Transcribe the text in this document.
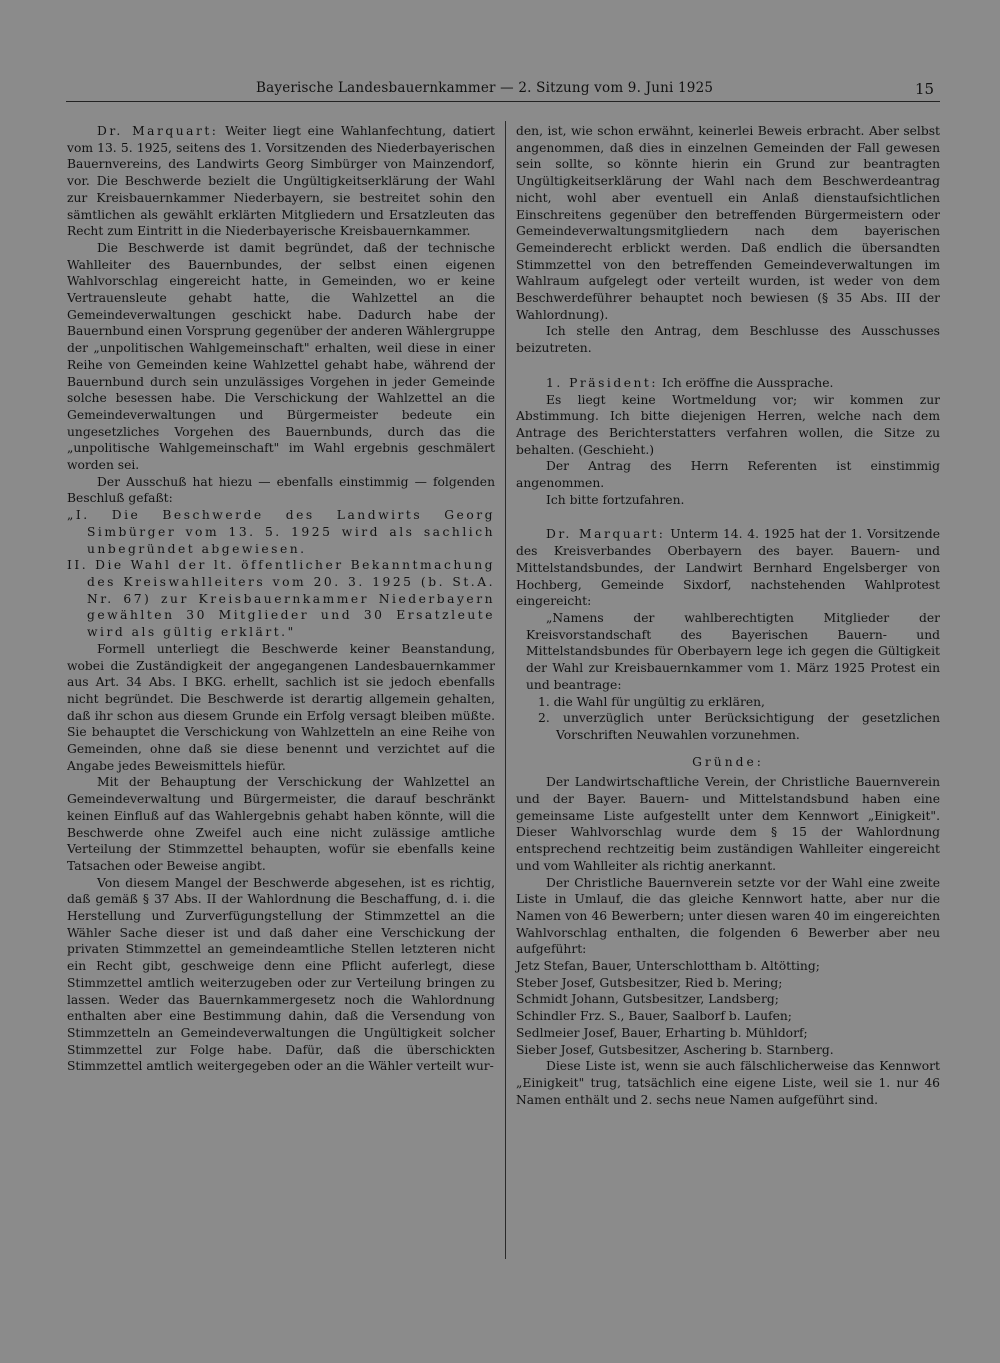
Bayerische Landesbauernkammer — 2. Sitzung vom 9. Juni 1925	15

Dr. Marquart: Weiter liegt eine Wahlanfechtung, datiert vom 13. 5. 1925, seitens des 1. Vorsitzenden des Niederbayerischen Bauernvereins, des Landwirts Georg Simbürger von Mainzendorf, vor. Die Beschwerde bezielt die Ungültigkeitserklärung der Wahl zur Kreisbauernkammer Niederbayern, sie bestreitet sohin den sämtlichen als gewählt erklärten Mitgliedern und Ersatzleuten das Recht zum Eintritt in die Niederbayerische Kreisbauernkammer.

Die Beschwerde ist damit begründet, daß der technische Wahlleiter des Bauernbundes, der selbst einen eigenen Wahlvorschlag eingereicht hatte, in Gemeinden, wo er keine Vertrauensleute gehabt hatte, die Wahlzettel an die Gemeindeverwaltungen geschickt habe. Dadurch habe der Bauernbund einen Vorsprung gegenüber der anderen Wählergruppe der „unpolitischen Wahlgemeinschaft" erhalten, weil diese in einer Reihe von Gemeinden keine Wahlzettel gehabt habe, während der Bauernbund durch sein unzulässiges Vorgehen in jeder Gemeinde solche besessen habe. Die Verschickung der Wahlzettel an die Gemeindeverwaltungen und Bürgermeister bedeute ein ungesetzliches Vorgehen des Bauernbunds, durch das die „unpolitische Wahlgemeinschaft" im Wahl ergebnis geschmälert worden sei.

Der Ausschuß hat hiezu — ebenfalls einstimmig — folgenden Beschluß gefaßt:

„I. Die Beschwerde des Landwirts Georg Simbürger vom 13. 5. 1925 wird als sachlich unbegründet abgewiesen.

II. Die Wahl der lt. öffentlicher Bekanntmachung des Kreiswahlleiters vom 20. 3. 1925 (b. St.A. Nr. 67) zur Kreisbauernkammer Niederbayern gewählten 30 Mitglieder und 30 Ersatzleute wird als gültig erklärt."

Formell unterliegt die Beschwerde keiner Beanstandung, wobei die Zuständigkeit der angegangenen Landesbauernkammer aus Art. 34 Abs. I BKG. erhellt, sachlich ist sie jedoch ebenfalls nicht begründet. Die Beschwerde ist derartig allgemein gehalten, daß ihr schon aus diesem Grunde ein Erfolg versagt bleiben müßte. Sie behauptet die Verschickung von Wahlzetteln an eine Reihe von Gemeinden, ohne daß sie diese benennt und verzichtet auf die Angabe jedes Beweismittels hiefür.

Mit der Behauptung der Verschickung der Wahlzettel an Gemeindeverwaltung und Bürgermeister, die darauf beschränkt keinen Einfluß auf das Wahlergebnis gehabt haben könnte, will die Beschwerde ohne Zweifel auch eine nicht zulässige amtliche Verteilung der Stimmzettel behaupten, wofür sie ebenfalls keine Tatsachen oder Beweise angibt.

Von diesem Mangel der Beschwerde abgesehen, ist es richtig, daß gemäß § 37 Abs. II der Wahlordnung die Beschaffung, d. i. die Herstellung und Zurverfügungstellung der Stimmzettel an die Wähler Sache dieser ist und daß daher eine Verschickung der privaten Stimmzettel an gemeindeamtliche Stellen letzteren nicht ein Recht gibt, geschweige denn eine Pflicht auferlegt, diese Stimmzettel amtlich weiterzugeben oder zur Verteilung bringen zu lassen. Weder das Bauernkammergesetz noch die Wahlordnung enthalten aber eine Bestimmung dahin, daß die Versendung von Stimmzetteln an Gemeindeverwaltungen die Ungültigkeit solcher Stimmzettel zur Folge habe. Dafür, daß die überschickten Stimmzettel amtlich weitergegeben oder an die Wähler verteilt wur-

den, ist, wie schon erwähnt, keinerlei Beweis erbracht. Aber selbst angenommen, daß dies in einzelnen Gemeinden der Fall gewesen sein sollte, so könnte hierin ein Grund zur beantragten Ungültigkeitserklärung der Wahl nach dem Beschwerdeantrag nicht, wohl aber eventuell ein Anlaß dienstaufsichtlichen Einschreitens gegenüber den betreffenden Bürgermeistern oder Gemeindeverwaltungsmitgliedern nach dem bayerischen Gemeinderecht erblickt werden. Daß endlich die übersandten Stimmzettel von den betreffenden Gemeindeverwaltungen im Wahlraum aufgelegt oder verteilt wurden, ist weder von dem Beschwerdeführer behauptet noch bewiesen (§ 35 Abs. III der Wahlordnung).

Ich stelle den Antrag, dem Beschlusse des Ausschusses beizutreten.

1. Präsident: Ich eröffne die Aussprache.

Es liegt keine Wortmeldung vor; wir kommen zur Abstimmung. Ich bitte diejenigen Herren, welche nach dem Antrage des Berichterstatters verfahren wollen, die Sitze zu behalten. (Geschieht.)

Der Antrag des Herrn Referenten ist einstimmig angenommen.

Ich bitte fortzufahren.

Dr. Marquart: Unterm 14. 4. 1925 hat der 1. Vorsitzende des Kreisverbandes Oberbayern des bayer. Bauern- und Mittelstandsbundes, der Landwirt Bernhard Engelsberger von Hochberg, Gemeinde Sixdorf, nachstehenden Wahlprotest eingereicht:

„Namens der wahlberechtigten Mitglieder der Kreisvorstandschaft des Bayerischen Bauern- und Mittelstandsbundes für Oberbayern lege ich gegen die Gültigkeit der Wahl zur Kreisbauernkammer vom 1. März 1925 Protest ein und beantrage:

1. die Wahl für ungültig zu erklären,

2. unverzüglich unter Berücksichtigung der gesetzlichen Vorschriften Neuwahlen vorzunehmen.

Gründe:

Der Landwirtschaftliche Verein, der Christliche Bauernverein und der Bayer. Bauern- und Mittelstandsbund haben eine gemeinsame Liste aufgestellt unter dem Kennwort „Einigkeit". Dieser Wahlvorschlag wurde dem § 15 der Wahlordnung entsprechend rechtzeitig beim zuständigen Wahlleiter eingereicht und vom Wahlleiter als richtig anerkannt.

Der Christliche Bauernverein setzte vor der Wahl eine zweite Liste in Umlauf, die das gleiche Kennwort hatte, aber nur die Namen von 46 Bewerbern; unter diesen waren 40 im eingereichten Wahlvorschlag enthalten, die folgenden 6 Bewerber aber neu aufgeführt:

Jetz Stefan, Bauer, Unterschlottham b. Altötting;

Steber Josef, Gutsbesitzer, Ried b. Mering;

Schmidt Johann, Gutsbesitzer, Landsberg;

Schindler Frz. S., Bauer, Saalborf b. Laufen;

Sedlmeier Josef, Bauer, Erharting b. Mühldorf;

Sieber Josef, Gutsbesitzer, Aschering b. Starnberg.

Diese Liste ist, wenn sie auch fälschlicherweise das Kennwort „Einigkeit" trug, tatsächlich eine eigene Liste, weil sie 1. nur 46 Namen enthält und 2. sechs neue Namen aufgeführt sind.
